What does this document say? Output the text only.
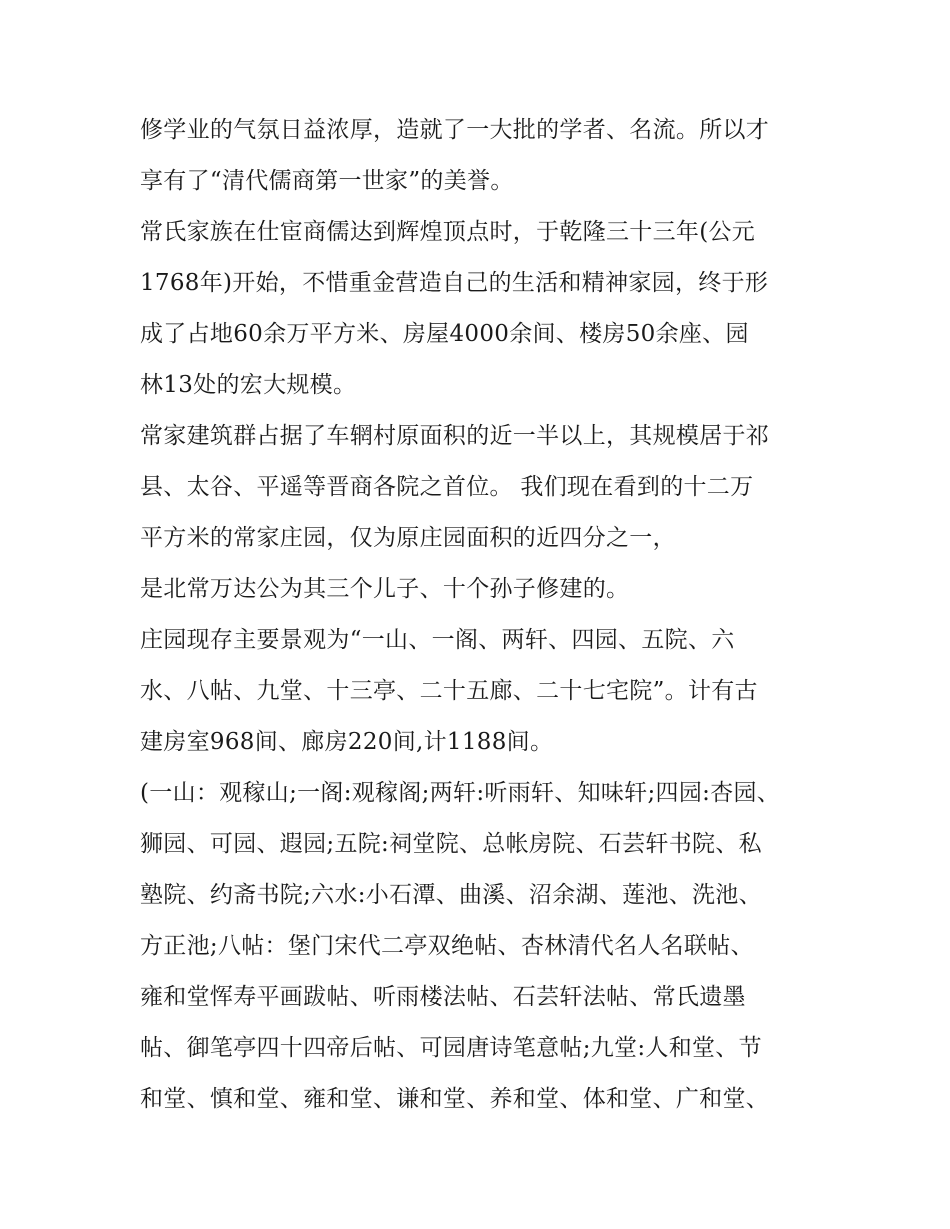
修学业的气氛日益浓厚，造就了一大批的学者、名流。所以才
享有了“清代儒商第一世家”的美誉。
常氏家族在仕宦商儒达到辉煌顶点时，于乾隆三十三年(公元
1768年)开始，不惜重金营造自己的生活和精神家园，终于形
成了占地60余万平方米、房屋4000余间、楼房50余座、园
林13处的宏大规模。
常家建筑群占据了车辋村原面积的近一半以上，其规模居于祁
县、太谷、平遥等晋商各院之首位。 我们现在看到的十二万
平方米的常家庄园，仅为原庄园面积的近四分之一，
是北常万达公为其三个儿子、十个孙子修建的。
庄园现存主要景观为“一山、一阁、两轩、四园、五院、六
水、八帖、九堂、十三亭、二十五廊、二十七宅院”。计有古
建房室968间、廊房220间,计1188间。
(一山：观稼山;一阁:观稼阁;两轩:听雨轩、知味轩;四园:杏园、
狮园、可园、遐园;五院:祠堂院、总帐房院、石芸轩书院、私
塾院、约斋书院;六水:小石潭、曲溪、沼余湖、莲池、洗池、
方正池;八帖：堡门宋代二亭双绝帖、杏林清代名人名联帖、
雍和堂恽寿平画跋帖、听雨楼法帖、石芸轩法帖、常氏遗墨
帖、御笔亭四十四帝后帖、可园唐诗笔意帖;九堂:人和堂、节
和堂、慎和堂、雍和堂、谦和堂、养和堂、体和堂、广和堂、
